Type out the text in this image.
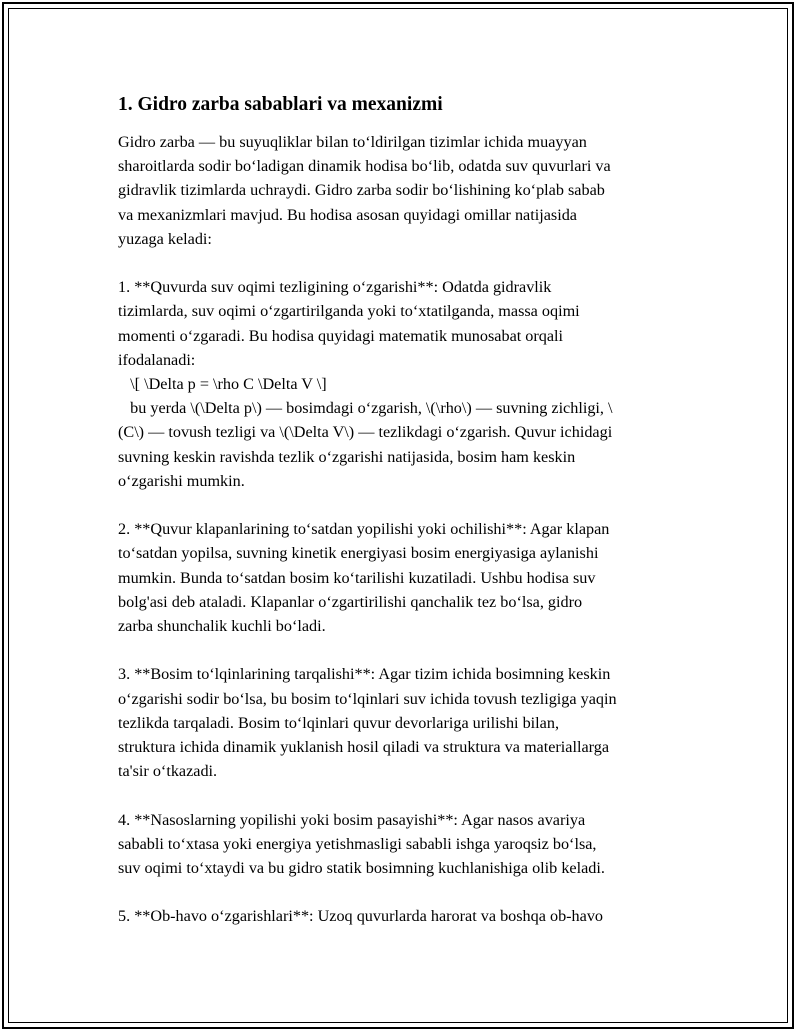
1. Gidro zarba sabablari va mexanizmi
Gidro zarba — bu suyuqliklar bilan to‘ldirilgan tizimlar ichida muayyan
sharoitlarda sodir bo‘ladigan dinamik hodisa bo‘lib, odatda suv quvurlari va
gidravlik tizimlarda uchraydi. Gidro zarba sodir bo‘lishining ko‘plab sabab
va mexanizmlari mavjud. Bu hodisa asosan quyidagi omillar natijasida
yuzaga keladi:
1. **Quvurda suv oqimi tezligining o‘zgarishi**: Odatda gidravlik
tizimlarda, suv oqimi o‘zgartirilganda yoki to‘xtatilganda, massa oqimi
momenti o‘zgaradi. Bu hodisa quyidagi matematik munosabat orqali
ifodalanadi:
\[ \Delta p = \rho C \Delta V \]
bu yerda \(\Delta p\) — bosimdagi o‘zgarish, \(\rho\) — suvning zichligi, \
(C\) — tovush tezligi va \(\Delta V\) — tezlikdagi o‘zgarish. Quvur ichidagi
suvning keskin ravishda tezlik o‘zgarishi natijasida, bosim ham keskin
o‘zgarishi mumkin.
2. **Quvur klapanlarining to‘satdan yopilishi yoki ochilishi**: Agar klapan
to‘satdan yopilsa, suvning kinetik energiyasi bosim energiyasiga aylanishi
mumkin. Bunda to‘satdan bosim ko‘tarilishi kuzatiladi. Ushbu hodisa suv
bolg'asi deb ataladi. Klapanlar o‘zgartirilishi qanchalik tez bo‘lsa, gidro
zarba shunchalik kuchli bo‘ladi.
3. **Bosim to‘lqinlarining tarqalishi**: Agar tizim ichida bosimning keskin
o‘zgarishi sodir bo‘lsa, bu bosim to‘lqinlari suv ichida tovush tezligiga yaqin
tezlikda tarqaladi. Bosim to‘lqinlari quvur devorlariga urilishi bilan,
struktura ichida dinamik yuklanish hosil qiladi va struktura va materiallarga
ta'sir o‘tkazadi.
4. **Nasoslarning yopilishi yoki bosim pasayishi**: Agar nasos avariya
sababli to‘xtasa yoki energiya yetishmasligi sababli ishga yaroqsiz bo‘lsa,
suv oqimi to‘xtaydi va bu gidro statik bosimning kuchlanishiga olib keladi.
5. **Ob-havo o‘zgarishlari**: Uzoq quvurlarda harorat va boshqa ob-havo
